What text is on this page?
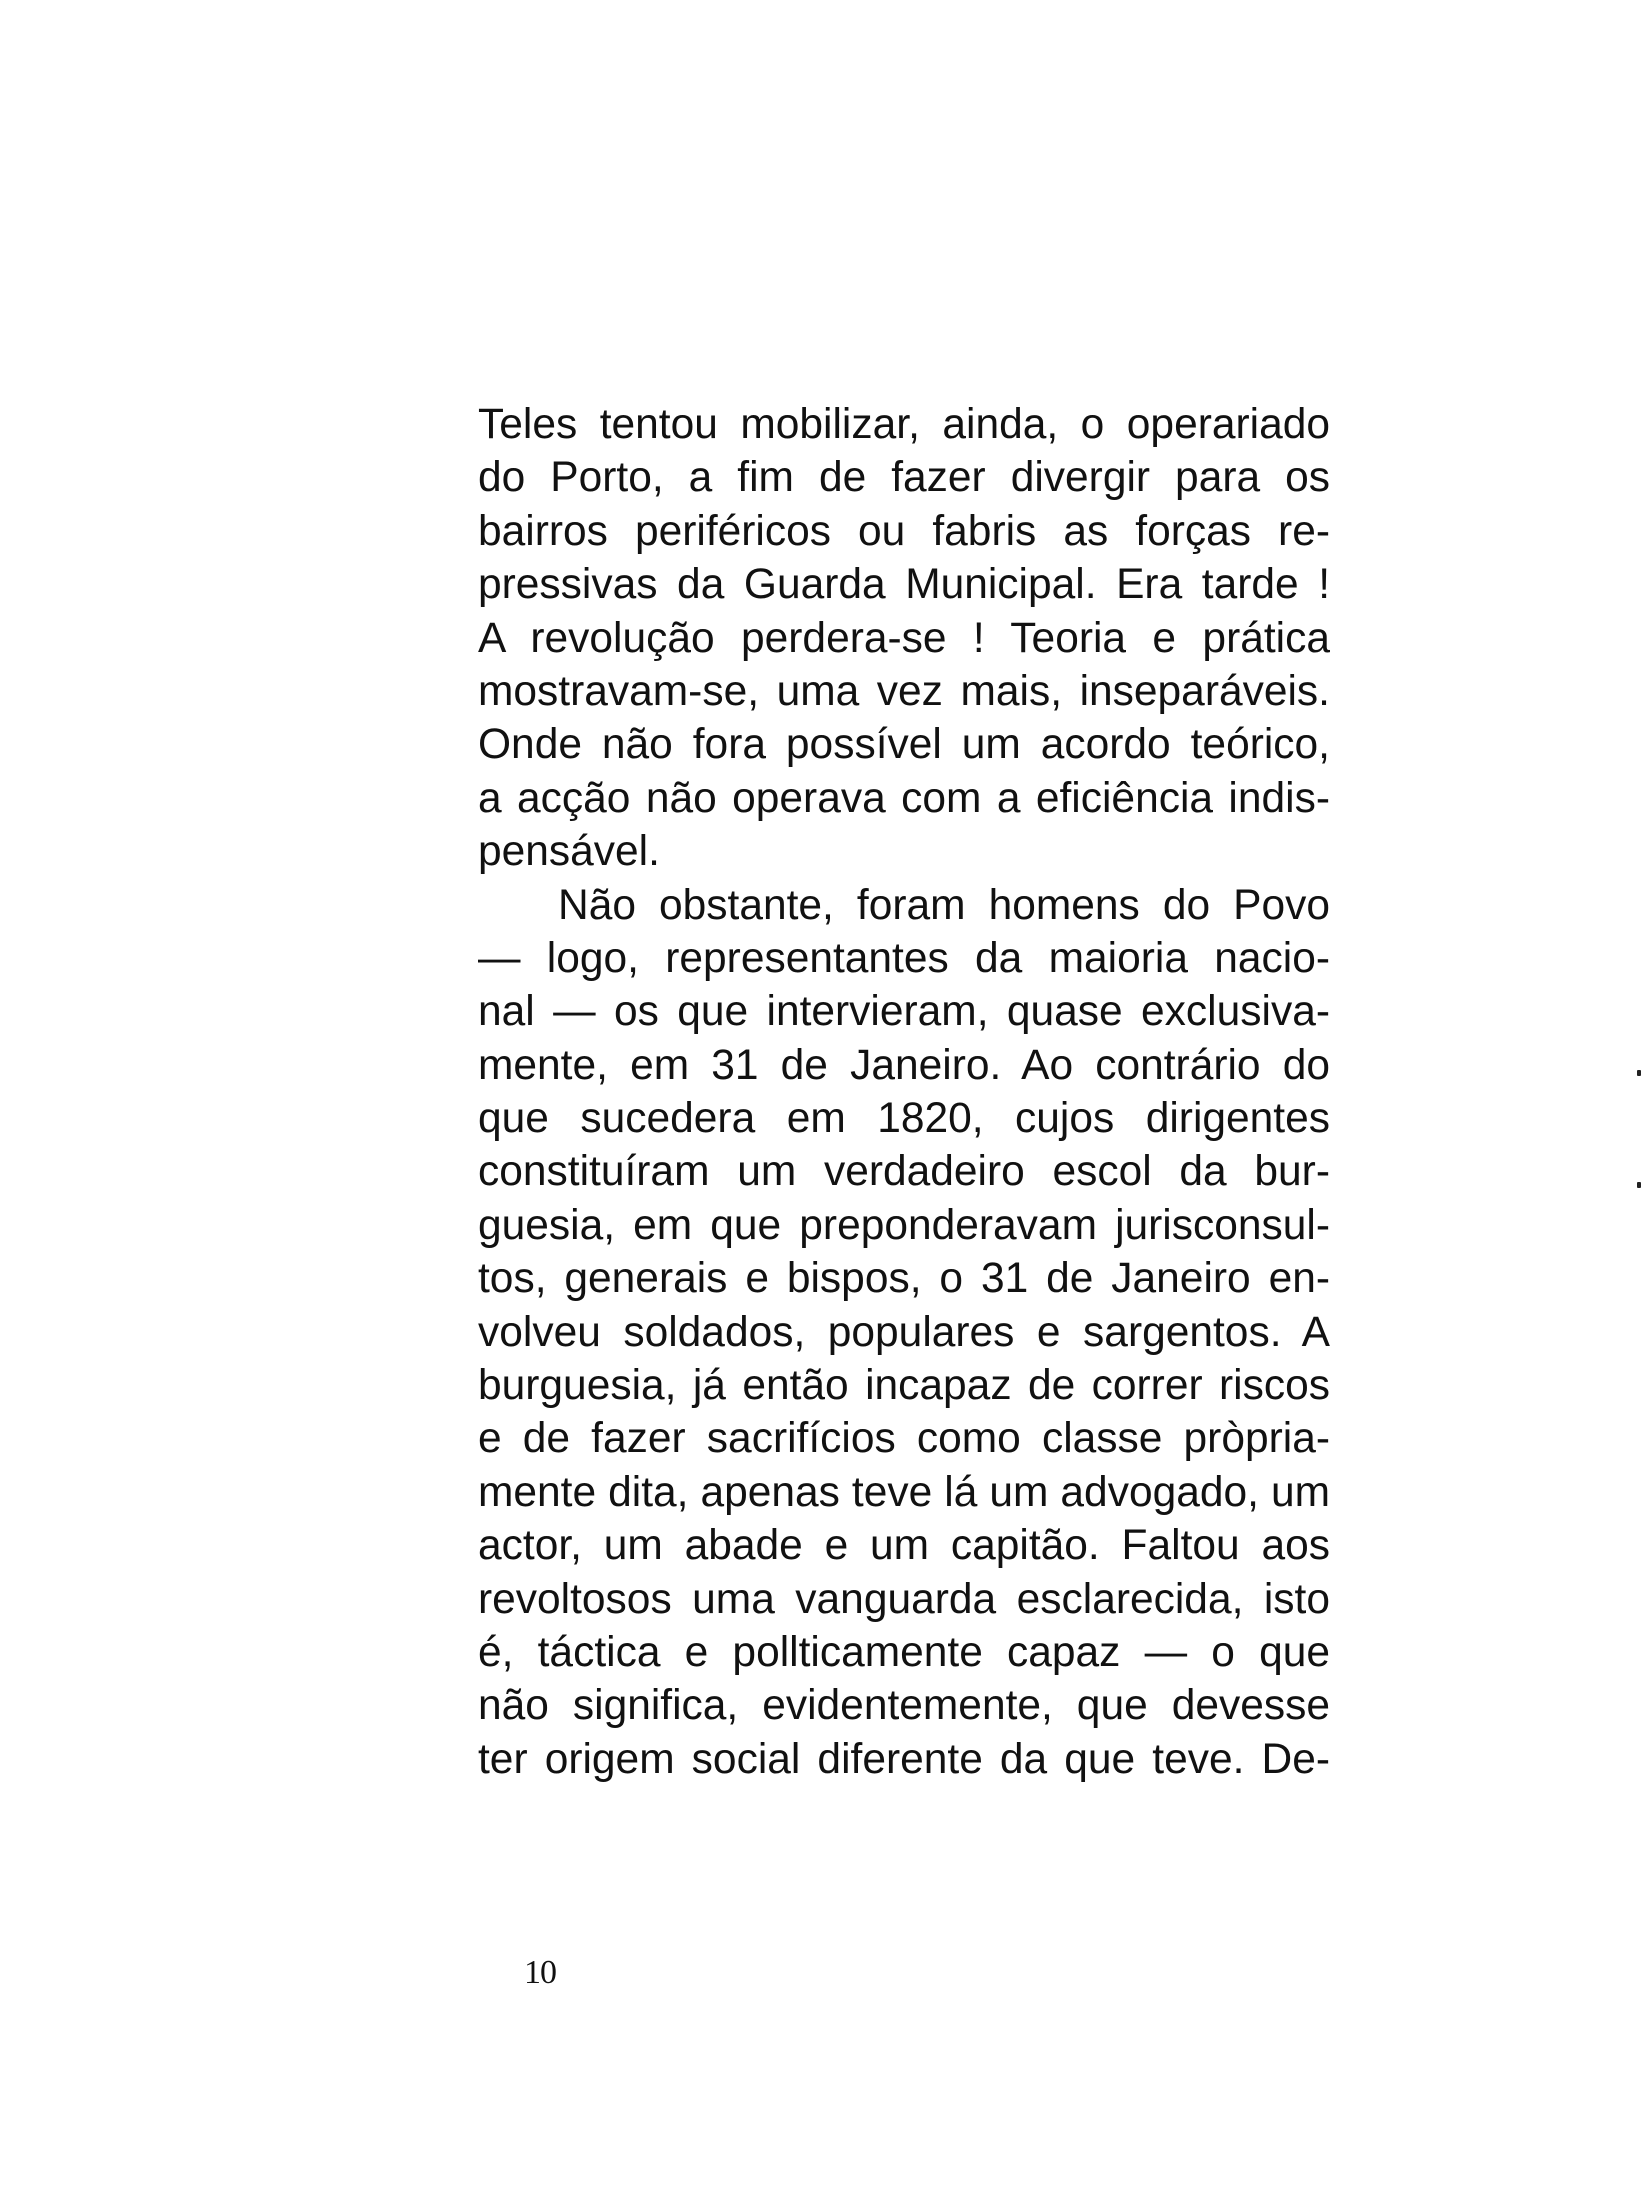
Teles tentou mobilizar, ainda, o operariado
do Porto, a fim de fazer divergir para os
bairros periféricos ou fabris as forças re-
pressivas da Guarda Municipal. Era tarde !
A revolução perdera-se ! Teoria e prática
mostravam-se, uma vez mais, inseparáveis.
Onde não fora possível um acordo teórico,
a acção não operava com a eficiência indis-
pensável.
Não obstante, foram homens do Povo
— logo, representantes da maioria nacio-
nal — os que intervieram, quase exclusiva-
mente, em 31 de Janeiro. Ao contrário do
que sucedera em 1820, cujos dirigentes
constituíram um verdadeiro escol da bur-
guesia, em que preponderavam jurisconsul-
tos, generais e bispos, o 31 de Janeiro en-
volveu soldados, populares e sargentos. A
burguesia, já então incapaz de correr riscos
e de fazer sacrifícios como classe pròpria-
mente dita, apenas teve lá um advogado, um
actor, um abade e um capitão. Faltou aos
revoltosos uma vanguarda esclarecida, isto
é, táctica e pollticamente capaz — o que
não significa, evidentemente, que devesse
ter origem social diferente da que teve. De-
10
